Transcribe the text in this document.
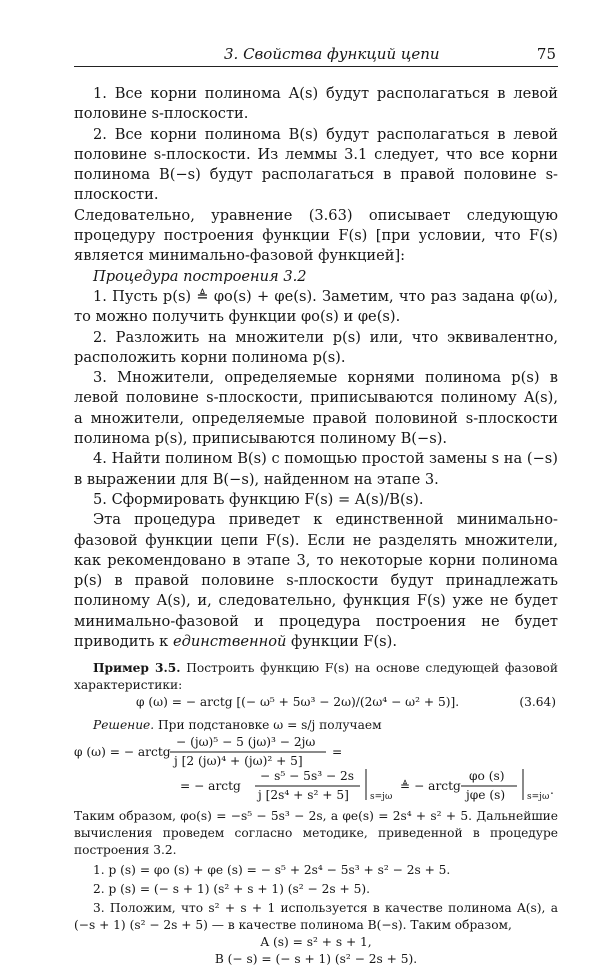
3. Свойства функций цепи	75

1. Все корни полинома A(s) будут располагаться в левой половине s-плоскости.

2. Все корни полинома B(s) будут располагаться в левой половине s-плоскости. Из леммы 3.1 следует, что все корни полинома B(−s) будут располагаться в правой половине s-плоскости.

Следовательно, уравнение (3.63) описывает следующую процедуру построения функции F(s) [при условии, что F(s) является минимально-фазовой функцией]:

Процедура построения 3.2

1. Пусть p(s) ≜ φo(s) + φe(s). Заметим, что раз задана φ(ω), то можно получить функции φo(s) и φe(s).

2. Разложить на множители p(s) или, что эквивалентно, расположить корни полинома p(s).

3. Множители, определяемые корнями полинома p(s) в левой половине s-плоскости, приписываются полиному A(s), а множители, определяемые правой половиной s-плоскости полинома p(s), приписываются полиному B(−s).

4. Найти полином B(s) с помощью простой замены s на (−s) в выражении для B(−s), найденном на этапе 3.

5. Сформировать функцию F(s) = A(s)/B(s).

Эта процедура приведет к единственной минимально-фазовой функции цепи F(s). Если не разделять множители, как рекомендовано в этапе 3, то некоторые корни полинома p(s) в правой половине s-плоскости будут принадлежать полиному A(s), и, следовательно, функция F(s) уже не будет минимально-фазовой и процедура построения не будет приводить к единственной функции F(s).

Пример 3.5. Построить функцию F(s) на основе следующей фазовой характеристики:

φ (ω) = − arctg [(− ω⁵ + 5ω³ − 2ω)/(2ω⁴ − ω² + 5)].	(3.64)

Решение. При подстановке ω = s/j получаем

φ (ω) = − arctg
− (jω)⁵ − 5 (jω)³ − 2jω
j [2 (jω)⁴ + (jω)² + 5]
=
= − arctg
− s⁵ − 5s³ − 2s
j [2s⁴ + s² + 5] s=jω
≜ − arctg
φo (s)
jφe (s) s=jω .

Таким образом, φo(s) = −s⁵ − 5s³ − 2s, а φe(s) = 2s⁴ + s² + 5. Дальнейшие вычисления проведем согласно методике, приведенной в процедуре построения 3.2.

1. p (s) = φo (s) + φe (s) = − s⁵ + 2s⁴ − 5s³ + s² − 2s + 5.

2. p (s) = (− s + 1) (s² + s + 1) (s² − 2s + 5).

3. Положим, что s² + s + 1 используется в качестве полинома A(s), а (−s + 1) (s² − 2s + 5) — в качестве полинома B(−s). Таким образом,

A (s) = s² + s + 1,
B (− s) = (− s + 1) (s² − 2s + 5).
